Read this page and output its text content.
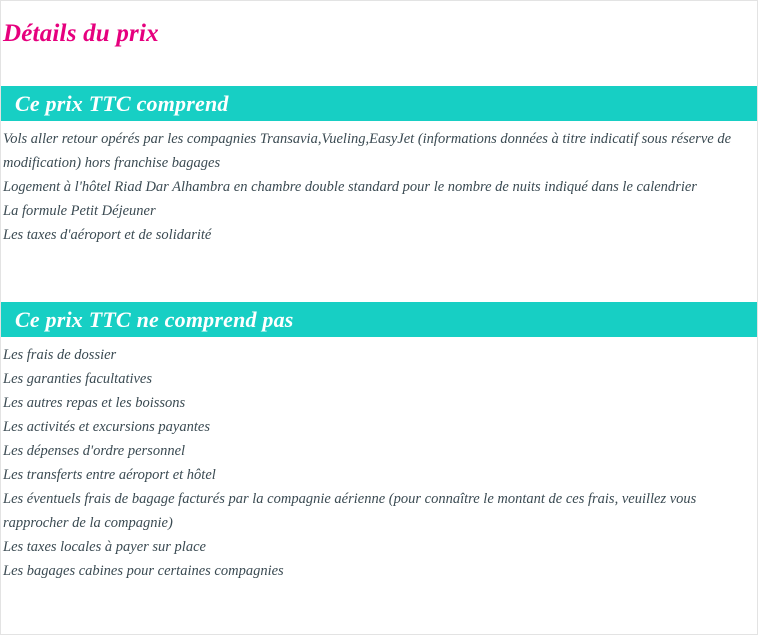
Détails du prix
Ce prix TTC comprend
Vols aller retour opérés par les compagnies Transavia,Vueling,EasyJet (informations données à titre indicatif sous réserve de modification) hors franchise bagages
Logement à l'hôtel Riad Dar Alhambra en chambre double standard pour le nombre de nuits indiqué dans le calendrier
La formule Petit Déjeuner
Les taxes d'aéroport et de solidarité
Ce prix TTC ne comprend pas
Les frais de dossier
Les garanties facultatives
Les autres repas et les boissons
Les activités et excursions payantes
Les dépenses d'ordre personnel
Les transferts entre aéroport et hôtel
Les éventuels frais de bagage facturés par la compagnie aérienne (pour connaître le montant de ces frais, veuillez vous rapprocher de la compagnie)
Les taxes locales à payer sur place
Les bagages cabines pour certaines compagnies
